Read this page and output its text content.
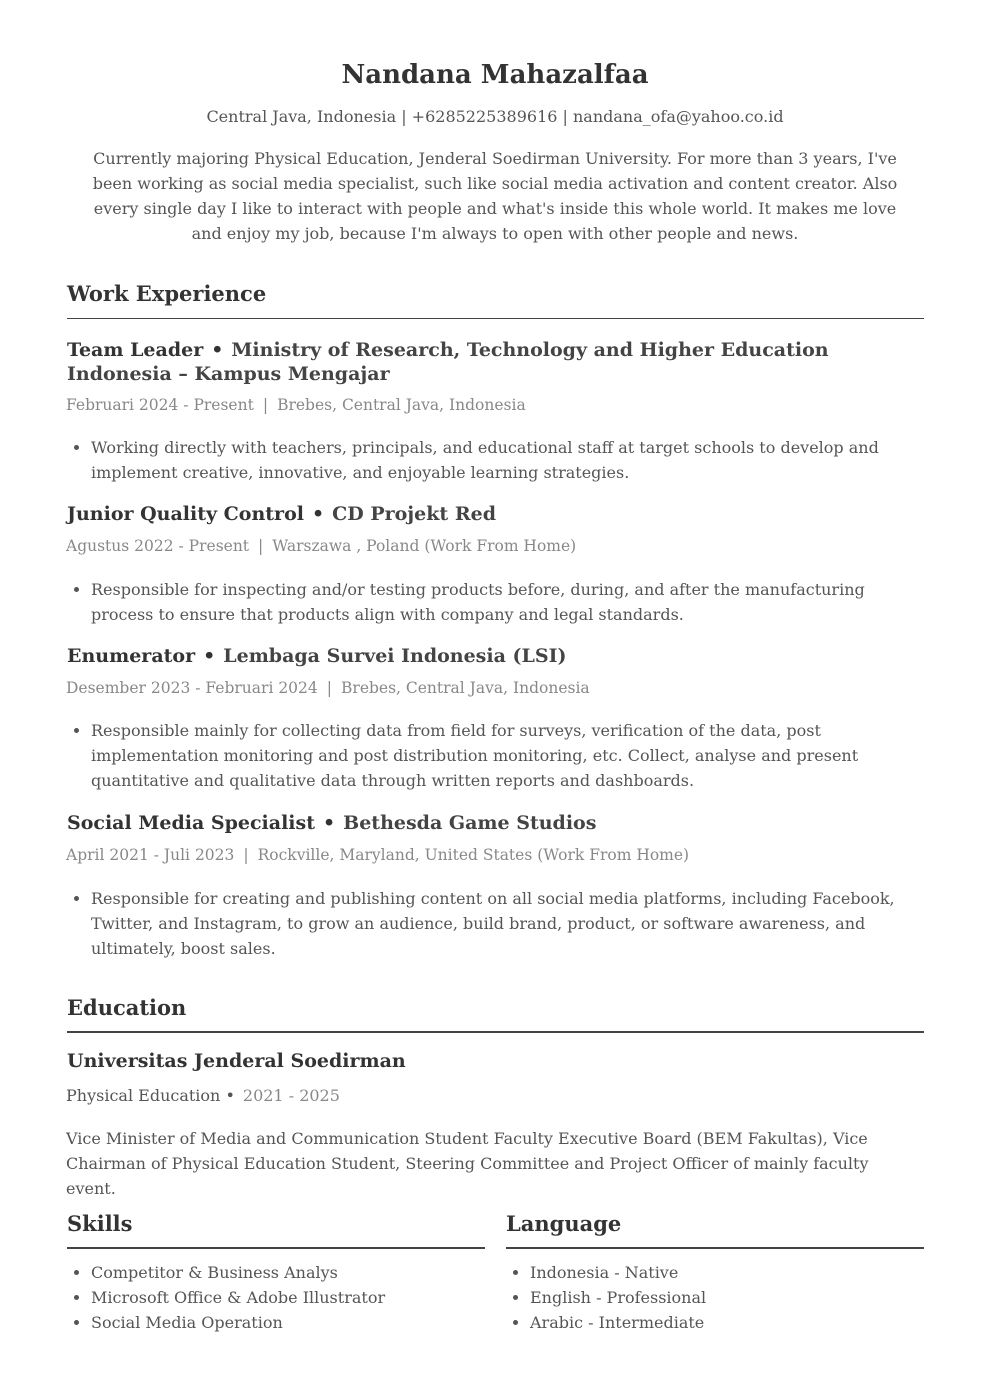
Nandana Mahazalfaa
Central Java, Indonesia | +6285225389616 | nandana_ofa@yahoo.co.id
Currently majoring Physical Education, Jenderal Soedirman University. For more than 3 years, I've been working as social media specialist, such like social media activation and content creator. Also every single day I like to interact with people and what's inside this whole world. It makes me love and enjoy my job, because I'm always to open with other people and news.
Work Experience
Team Leader • Ministry of Research, Technology and Higher Education Indonesia – Kampus Mengajar
Februari 2024 - Present | Brebes, Central Java, Indonesia
• Working directly with teachers, principals, and educational staff at target schools to develop and implement creative, innovative, and enjoyable learning strategies.
Junior Quality Control • CD Projekt Red
Agustus 2022 - Present | Warszawa , Poland (Work From Home)
• Responsible for inspecting and/or testing products before, during, and after the manufacturing process to ensure that products align with company and legal standards.
Enumerator • Lembaga Survei Indonesia (LSI)
Desember 2023 - Februari 2024 | Brebes, Central Java, Indonesia
• Responsible mainly for collecting data from field for surveys, verification of the data, post implementation monitoring and post distribution monitoring, etc. Collect, analyse and present quantitative and qualitative data through written reports and dashboards.
Social Media Specialist • Bethesda Game Studios
April 2021 - Juli 2023 | Rockville, Maryland, United States (Work From Home)
• Responsible for creating and publishing content on all social media platforms, including Facebook, Twitter, and Instagram, to grow an audience, build brand, product, or software awareness, and ultimately, boost sales.
Education
Universitas Jenderal Soedirman
Physical Education • 2021 - 2025
Vice Minister of Media and Communication Student Faculty Executive Board (BEM Fakultas), Vice Chairman of Physical Education Student, Steering Committee and Project Officer of mainly faculty event.
Skills
• Competitor & Business Analys
• Microsoft Office & Adobe Illustrator
• Social Media Operation
Language
• Indonesia - Native
• English - Professional
• Arabic - Intermediate
